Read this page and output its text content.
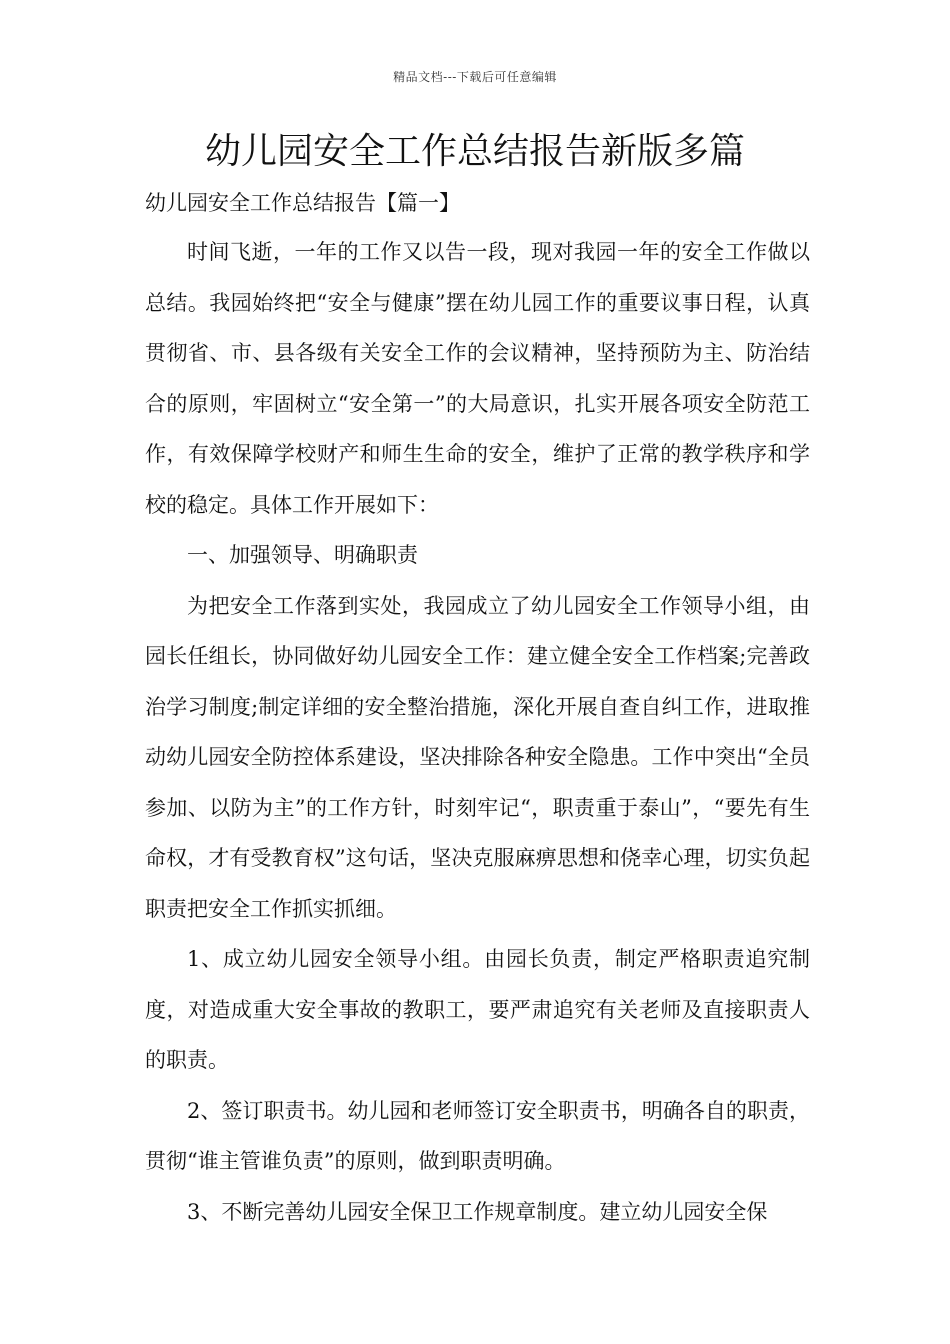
精品文档---下载后可任意编辑
幼儿园安全工作总结报告新版多篇
幼儿园安全工作总结报告【篇一】

时间飞逝，一年的工作又以告一段，现对我园一年的安全工作做以总结。我园始终把“安全与健康”摆在幼儿园工作的重要议事日程，认真贯彻省、市、县各级有关安全工作的会议精神，坚持预防为主、防治结合的原则，牢固树立“安全第一”的大局意识，扎实开展各项安全防范工作，有效保障学校财产和师生生命的安全，维护了正常的教学秩序和学校的稳定。具体工作开展如下：

一、加强领导、明确职责

为把安全工作落到实处，我园成立了幼儿园安全工作领导小组，由园长任组长，协同做好幼儿园安全工作：建立健全安全工作档案;完善政治学习制度;制定详细的安全整治措施，深化开展自查自纠工作，进取推动幼儿园安全防控体系建设，坚决排除各种安全隐患。工作中突出“全员参加、以防为主”的工作方针，时刻牢记“，职责重于泰山”，“要先有生命权，才有受教育权”这句话，坚决克服麻痹思想和侥幸心理，切实负起职责把安全工作抓实抓细。

1、成立幼儿园安全领导小组。由园长负责，制定严格职责追究制度，对造成重大安全事故的教职工，要严肃追究有关老师及直接职责人的职责。

2、签订职责书。幼儿园和老师签订安全职责书，明确各自的职责，贯彻“谁主管谁负责”的原则，做到职责明确。

3、不断完善幼儿园安全保卫工作规章制度。建立幼儿园安全保
